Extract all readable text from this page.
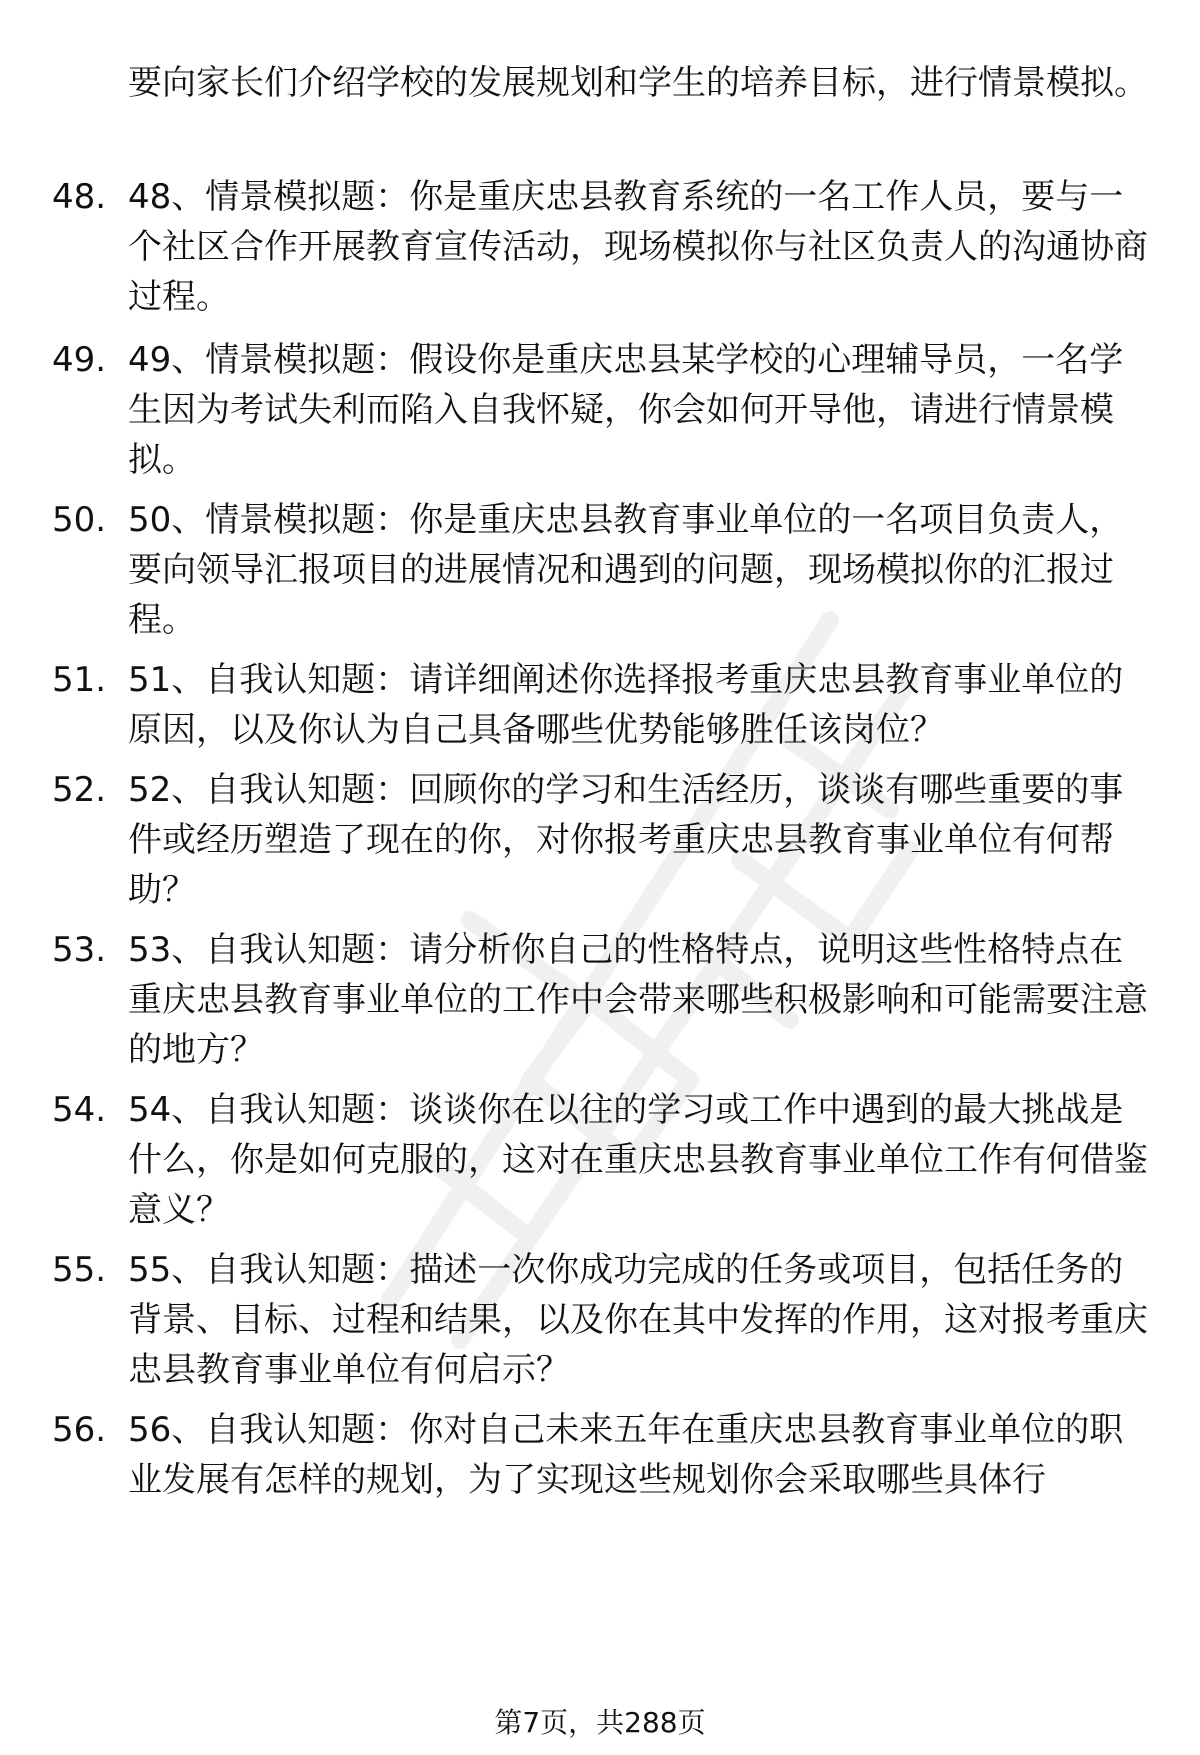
要向家长们介绍学校的发展规划和学生的培养目标，进行情景模拟。

48. 48、情景模拟题：你是重庆忠县教育系统的一名工作人员，要与一个社区合作开展教育宣传活动，现场模拟你与社区负责人的沟通协商过程。

49. 49、情景模拟题：假设你是重庆忠县某学校的心理辅导员，一名学生因为考试失利而陷入自我怀疑，你会如何开导他，请进行情景模拟。

50. 50、情景模拟题：你是重庆忠县教育事业单位的一名项目负责人，要向领导汇报项目的进展情况和遇到的问题，现场模拟你的汇报过程。

51. 51、自我认知题：请详细阐述你选择报考重庆忠县教育事业单位的原因，以及你认为自己具备哪些优势能够胜任该岗位？

52. 52、自我认知题：回顾你的学习和生活经历，谈谈有哪些重要的事件或经历塑造了现在的你，对你报考重庆忠县教育事业单位有何帮助？

53. 53、自我认知题：请分析你自己的性格特点，说明这些性格特点在重庆忠县教育事业单位的工作中会带来哪些积极影响和可能需要注意的地方？

54. 54、自我认知题：谈谈你在以往的学习或工作中遇到的最大挑战是什么，你是如何克服的，这对在重庆忠县教育事业单位工作有何借鉴意义？

55. 55、自我认知题：描述一次你成功完成的任务或项目，包括任务的背景、目标、过程和结果，以及你在其中发挥的作用，这对报考重庆忠县教育事业单位有何启示？

56. 56、自我认知题：你对自己未来五年在重庆忠县教育事业单位的职业发展有怎样的规划，为了实现这些规划你会采取哪些具体行

第7页，共288页
